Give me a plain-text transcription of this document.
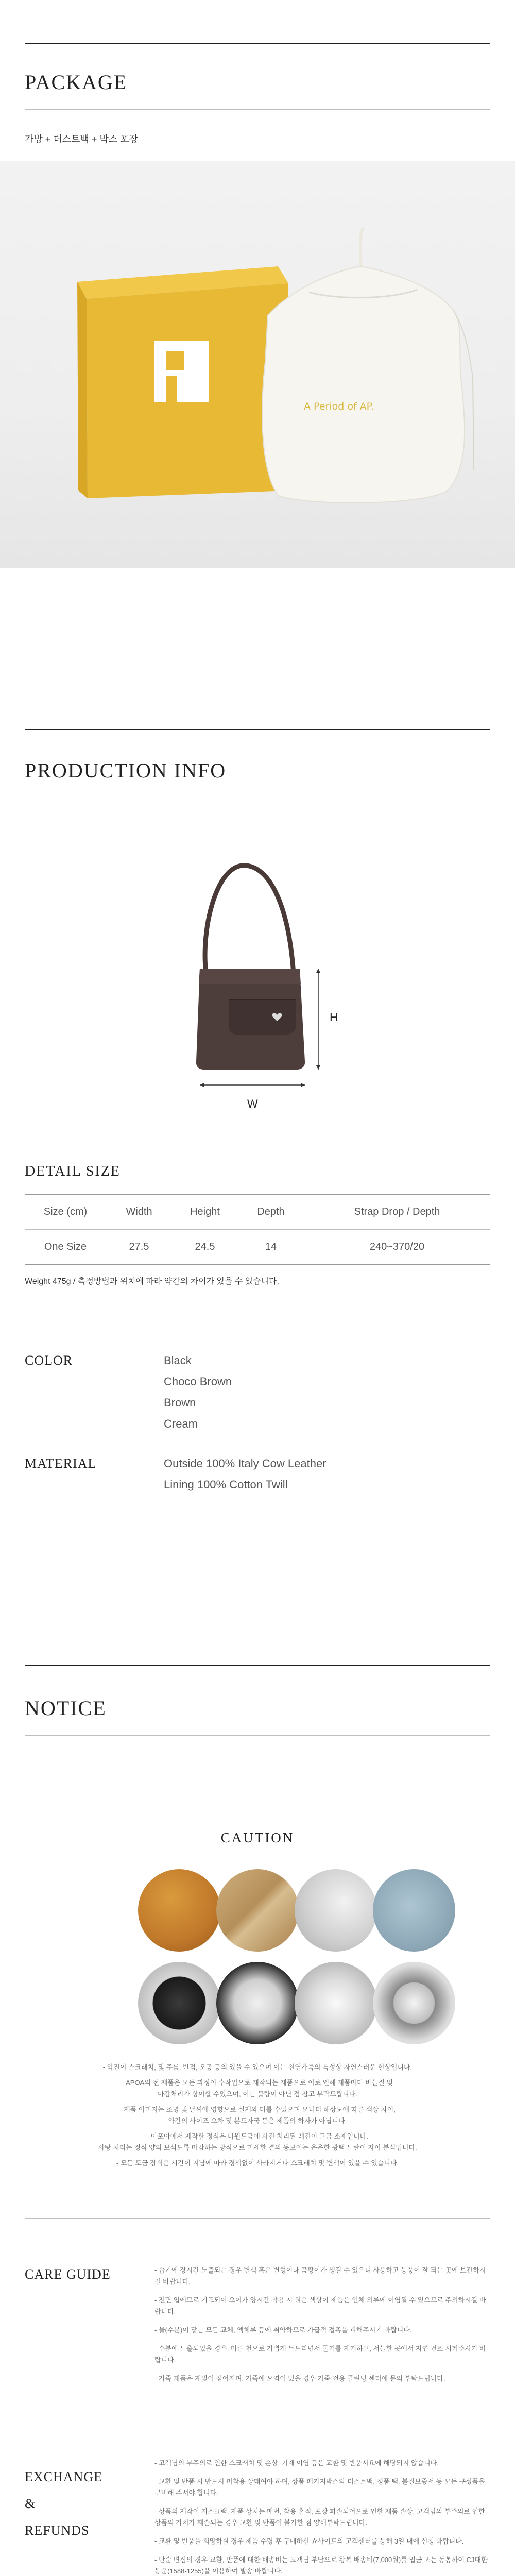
PACKAGE
가방 + 더스트백 + 박스 포장
·
A Period of AP.
PRODUCTION INFO
H
W
DETAIL SIZE
Size (cm)	Width	Height	Depth	Strap Drop / Depth
One Size	27.5	24.5	14	240~370/20
Weight 475g / 측정방법과 위치에 따라 약간의 차이가 있을 수 있습니다.
COLOR	Black
Choco Brown
Brown
Cream
MATERIAL	Outside 100% Italy Cow Leather
Lining 100% Cotton Twill
NOTICE
CAUTION
- 악진이 스크래치, 및 주름, 반점, 오공 등의 있을 수 있으며 이는 천연가죽의 특성상 자연스러운 현상입니다.
- APOA의 전 제품은 모든 과정이 수작업으로 제작되는 제품으로 이로 인해 제품마다 바늘질 및
마감처리가 상이할 수있으며, 이는 불량이 아닌 점 참고 부탁드립니다.
- 제품 이미지는 조명 및 날씨에 영향으로 실제와 다를 수있으며 모니터 해상도에 따른 색상 차이,
약간의 사이즈 오차 및 본드자국 등은 제품의 하자가 아닙니다.
- 아포아에서 제작한 정식은 다원도금에 사진 처리된 레진이 고급 소재입니다.
사탕 처리는 정식 양의 보석도록 마감하는 방식으로 미세한 결의 동보이는 은은한 광택 노란이 자이 분식입니다.
- 모든 도금 장식은 시간이 지남에 따라 경색없이 사라지거나 스크래치 및 변색이 있을 수 있습니다.
CARE GUIDE	- 습기에 장시간 노출되는 경우 변색 혹은 변형이나 곰팡이가 생길 수 있으니 사용하고 통풍이 잘 되는 곳에 보관하시길 바랍니다.

- 전면 엽에므로 기포되어 오어가 양시간 착용 시 원은 색상이 제품은 인체 의류에 이염될 수 있으므로 주의하시길 바랍니다.

- 물(수분)이 닿는 모든 교체, 액체류 등에 취약하므로 가급적 접촉을 피해주시기 바랍니다.

- 수분에 노출되었을 경우, 마른 천으로 가볍게 두드리면서 물기를 제거하고, 서늘한 곳에서 자연 건조 시켜주시기 바랍니다.

- 가죽 제품은 재빛이 짙어지며, 가죽에 오염이 있을 경우 가죽 전용 클린닝 센터에 문의 부탁드립니다.

EXCHANGE
&
REFUNDS

- 고객님의 부주의로 인한 스크래치 및 손상, 기재 이염 등은 교환 및 반품서요에 해당되지 않습니다.

- 교환 및 반품 시 반드시 미착용 상태여야 하며, 상품 패키지박스와 더스트백, 정품 택, 볼질보증서 등 모든 구성품을 구비해 주셔야 합니다.

- 상품의 제작이 지스크랙, 제품 상처는 매번, 착용 흔적, 포장 파손되어으로 인한 제품 손상, 고객님의 부주의로 인한 상품의 가치가 훼손되는 경우 교환 및 반품이 불가한 점 양해부탁드립니다.

- 교환 및 반품을 희망하실 경우 제품 수령 후 구매하신 쇼사이트의 고객센터를 통해 3일 내에 신청 바랍니다.

- 단순 변심의 경우 교환, 반품에 대한 배송비는 고객님 부담으로 왕복 배송비(7,000원)를 입금 또는 동봉하여 CJ대한통운(1588-1255)을 이용하여 발송 바랍니다.
